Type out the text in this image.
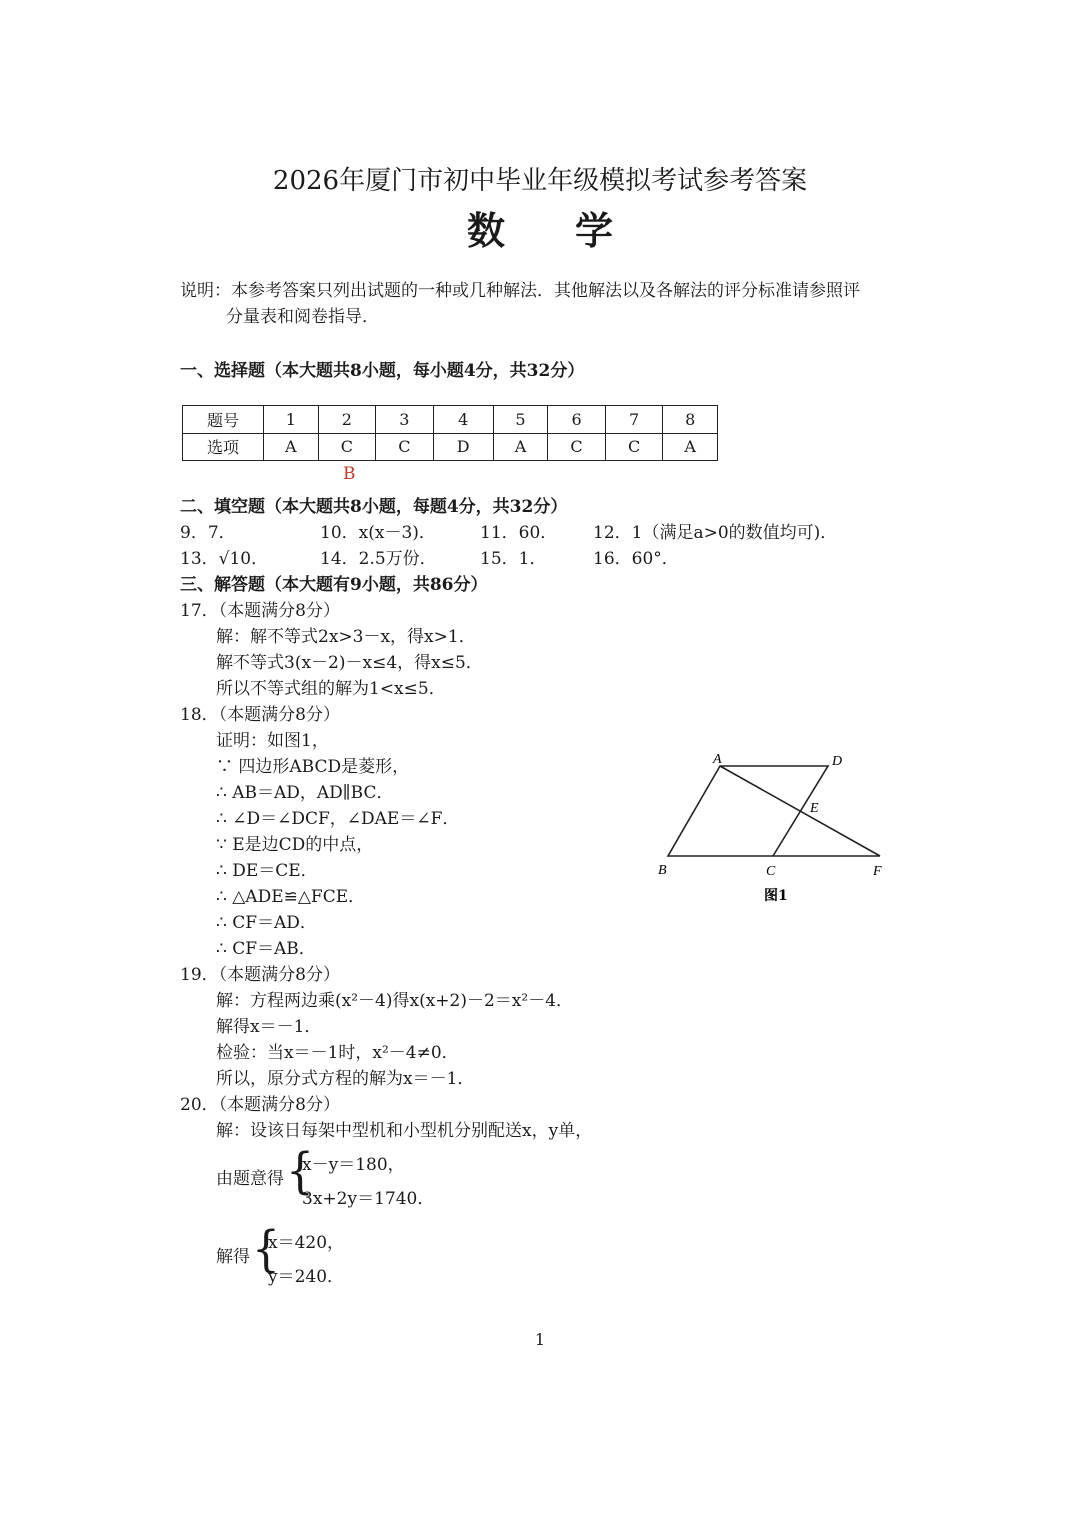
2026年厦门市初中毕业年级模拟考试参考答案
数学
说明：本参考答案只列出试题的一种或几种解法．其他解法以及各解法的评分标准请参照评
分量表和阅卷指导．
一、选择题（本大题共8小题，每小题4分，共32分）
题号	1	2	3	4	5	6	7	8
选项	A	C	C	D	A	C	C	A
B
二、填空题（本大题共8小题，每题4分，共32分）
9．7．	10．x(x－3)．	11．60． 12．1（满足a>0的数值均可)．
13．√10．	14．2.5万份．	15．1．	16．60°．
三、解答题（本大题有9小题，共86分）
17．（本题满分8分）
解：解不等式2x>3－x，得x>1．
解不等式3(x－2)－x≤4，得x≤5．
所以不等式组的解为1<x≤5．
18．（本题满分8分）
证明：如图1，
∵ 四边形ABCD是菱形，
∴ AB＝AD，AD∥BC．
∴ ∠D＝∠DCF，∠DAE＝∠F．
∵ E是边CD的中点，
∴ DE＝CE．
∴ △ADE≌△FCE．
∴ CF＝AD．
∴ CF＝AB．
A	D
E
B	C	F
图1
19．（本题满分8分）
解：方程两边乘(x²－4)得x(x+2)－2＝x²－4．
解得x＝－1．
检验：当x＝－1时，x²－4≠0．
所以，原分式方程的解为x＝－1．
20．（本题满分8分）
解：设该日每架中型机和小型机分别配送x，y单，
由题意得 {
x－y＝180，
3x+2y＝1740．
解得 {
x＝420，
y＝240．
1
